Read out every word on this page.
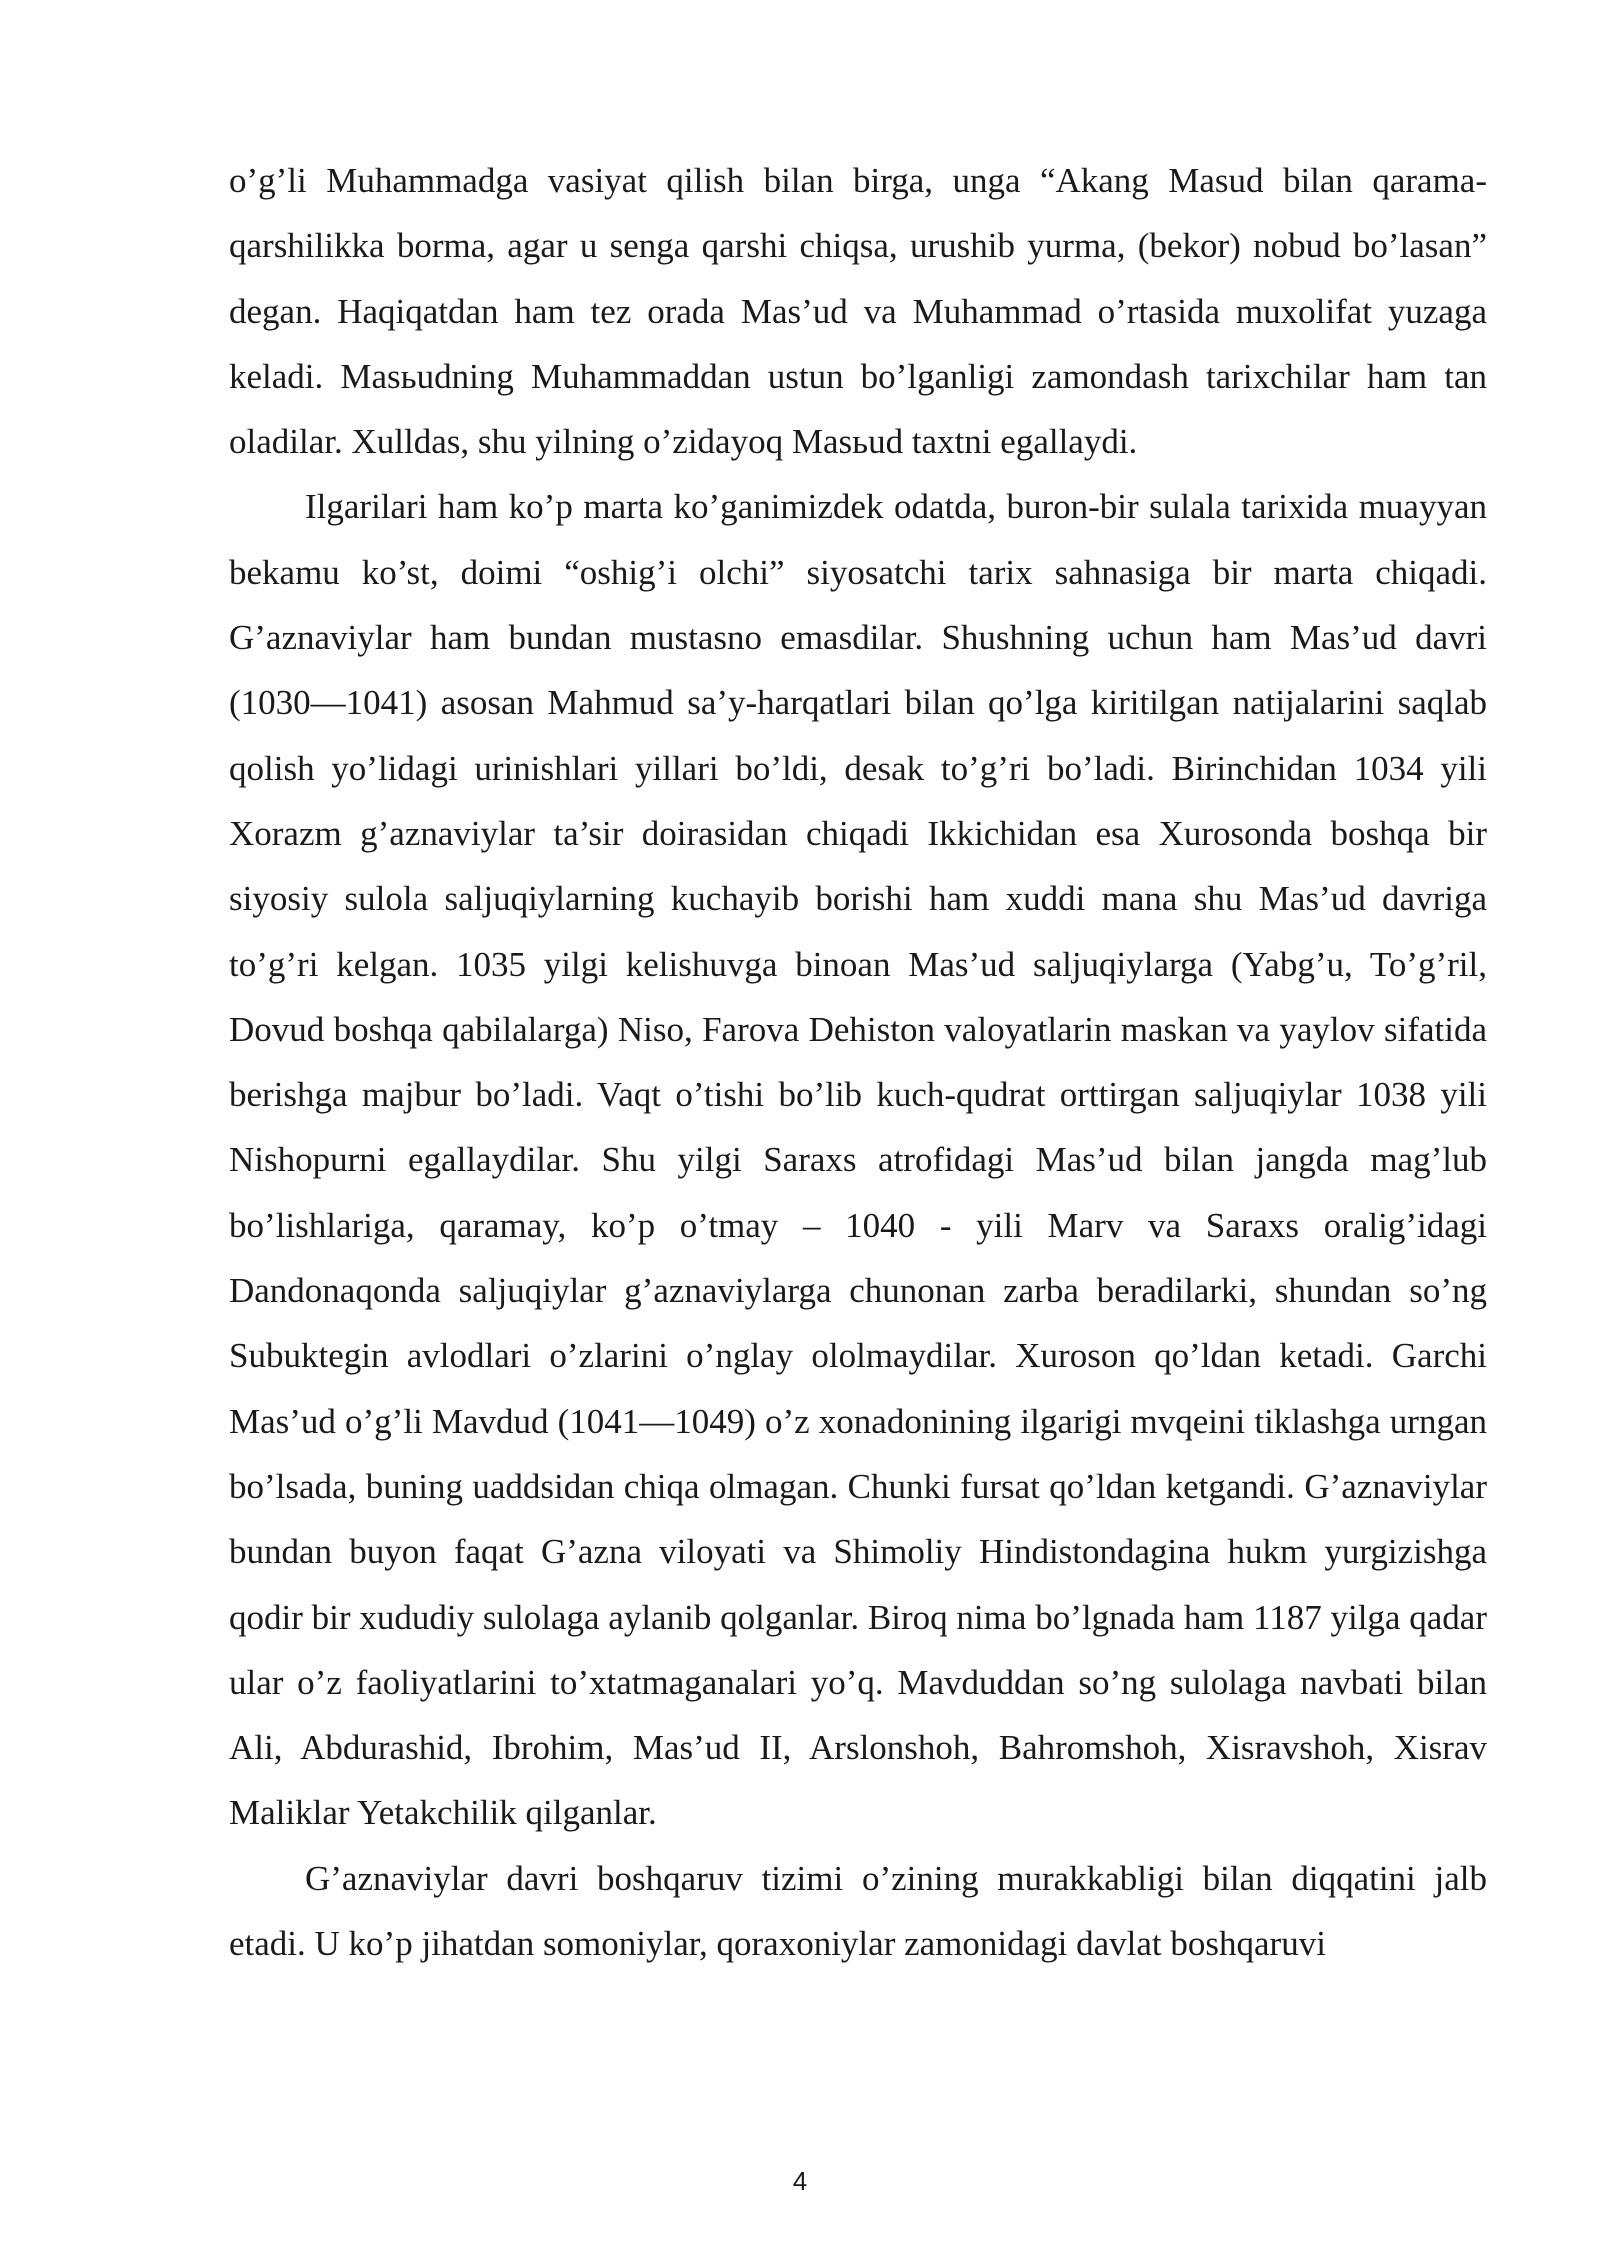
o’g’li Muhammadga vasiyat qilish bilan birga, unga “Akang Masud bilan qarama-qarshilikka borma, agar u senga qarshi chiqsa, urushib yurma, (bekor) nobud bo’lasan” degan. Haqiqatdan ham tez orada Mas’ud va Muhammad o’rtasida muxolifat yuzaga keladi. Masьudning Muhammaddan ustun bo’lganligi zamondash tarixchilar ham tan oladilar. Xulldas, shu yilning o’zidayoq Masьud taxtni egallaydi.

Ilgarilari ham ko’p marta ko’ganimizdek odatda, buron-bir sulala tarixida muayyan bekamu ko’st, doimi “oshig’i olchi” siyosatchi tarix sahnasiga bir marta chiqadi. G’aznaviylar ham bundan mustasno emasdilar. Shushning uchun ham Mas’ud davri (1030—1041) asosan Mahmud sa’y-harqatlari bilan qo’lga kiritilgan natijalarini saqlab qolish yo’lidagi urinishlari yillari bo’ldi, desak to’g’ri bo’ladi. Birinchidan 1034 yili Xorazm g’aznaviylar ta’sir doirasidan chiqadi Ikkichidan esa Xurosonda boshqa bir siyosiy sulola saljuqiylarning kuchayib borishi ham xuddi mana shu Mas’ud davriga to’g’ri kelgan. 1035 yilgi kelishuvga binoan Mas’ud saljuqiylarga (Yabg’u, To’g’ril, Dovud boshqa qabilalarga) Niso, Farova Dehiston valoyatlarin maskan va yaylov sifatida berishga majbur bo’ladi. Vaqt o’tishi bo’lib kuch-qudrat orttirgan saljuqiylar 1038 yili Nishopurni egallaydilar. Shu yilgi Saraxs atrofidagi Mas’ud bilan jangda mag’lub bo’lishlariga, qaramay, ko’p o’tmay – 1040 - yili Marv va Saraxs oralig’idagi Dandonaqonda saljuqiylar g’aznaviylarga chunonan zarba beradilarki, shundan so’ng Subuktegin avlodlari o’zlarini o’nglay ololmaydilar. Xuroson qo’ldan ketadi. Garchi Mas’ud o’g’li Mavdud (1041—1049) o’z xonadonining ilgarigi mvqeini tiklashga urngan bo’lsada, buning uaddsidan chiqa olmagan. Chunki fursat qo’ldan ketgandi. G’aznaviylar bundan buyon faqat G’azna viloyati va Shimoliy Hindistondagina hukm yurgizishga qodir bir xududiy sulolaga aylanib qolganlar. Biroq nima bo’lgnada ham 1187 yilga qadar ular o’z faoliyatlarini to’xtatmaganalari yo’q. Mavduddan so’ng sulolaga navbati bilan Ali, Abdurashid, Ibrohim, Mas’ud II, Arslonshoh, Bahromshoh, Xisravshoh, Xisrav Maliklar Yetakchilik qilganlar.

G’aznaviylar davri boshqaruv tizimi o’zining murakkabligi bilan diqqatini jalb etadi. U ko’p jihatdan somoniylar, qoraxoniylar zamonidagi davlat boshqaruvi

4
